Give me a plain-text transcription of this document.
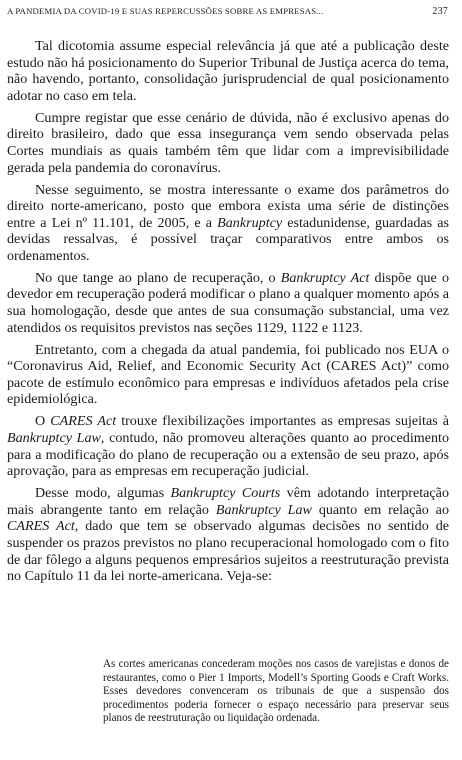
A PANDEMIA DA COVID-19 E SUAS REPERCUSSÕES SOBRE AS EMPRESAS...	237

Tal dicotomia assume especial relevância já que até a publicação deste estudo não há posicionamento do Superior Tribunal de Justiça acerca do tema, não havendo, portanto, consolidação jurisprudencial de qual posicionamento adotar no caso em tela.

Cumpre registar que esse cenário de dúvida, não é exclusivo apenas do direito brasileiro, dado que essa insegurança vem sendo observada pelas Cortes mundiais as quais também têm que lidar com a imprevisibilidade gerada pela pandemia do coronavírus.

Nesse seguimento, se mostra interessante o exame dos parâmetros do direito norte-americano, posto que embora exista uma série de distinções entre a Lei nº 11.101, de 2005, e a Bankruptcy estadunidense, guardadas as devidas ressalvas, é possível traçar comparativos entre ambos os ordenamentos.

No que tange ao plano de recuperação, o Bankruptcy Act dispõe que o devedor em recuperação poderá modificar o plano a qualquer momento após a sua homologação, desde que antes de sua consumação substancial, uma vez atendidos os requisitos previstos nas seções 1129, 1122 e 1123.

Entretanto, com a chegada da atual pandemia, foi publicado nos EUA o “Coronavirus Aid, Relief, and Economic Security Act (CARES Act)” como pacote de estímulo econômico para empresas e indivíduos afetados pela crise epidemiológica.

O CARES Act trouxe flexibilizações importantes as empresas sujeitas à Bankruptcy Law, contudo, não promoveu alterações quanto ao procedimento para a modificação do plano de recuperação ou a extensão de seu prazo, após aprovação, para as empresas em recuperação judicial.

Desse modo, algumas Bankruptcy Courts vêm adotando interpretação mais abrangente tanto em relação Bankruptcy Law quanto em relação ao CARES Act, dado que tem se observado algumas decisões no sentido de suspender os prazos previstos no plano recuperacional homologado com o fito de dar fôlego a alguns pequenos empresários sujeitos a reestruturação prevista no Capítulo 11 da lei norte-americana. Veja-se:

As cortes americanas concederam moções nos casos de varejistas e donos de restaurantes, como o Pier 1 Imports, Modell’s Sporting Goods e Craft Works. Esses devedores convenceram os tribunais de que a suspensão dos procedimentos poderia fornecer o espaço necessário para preservar seus planos de reestruturação ou liquidação ordenada.
